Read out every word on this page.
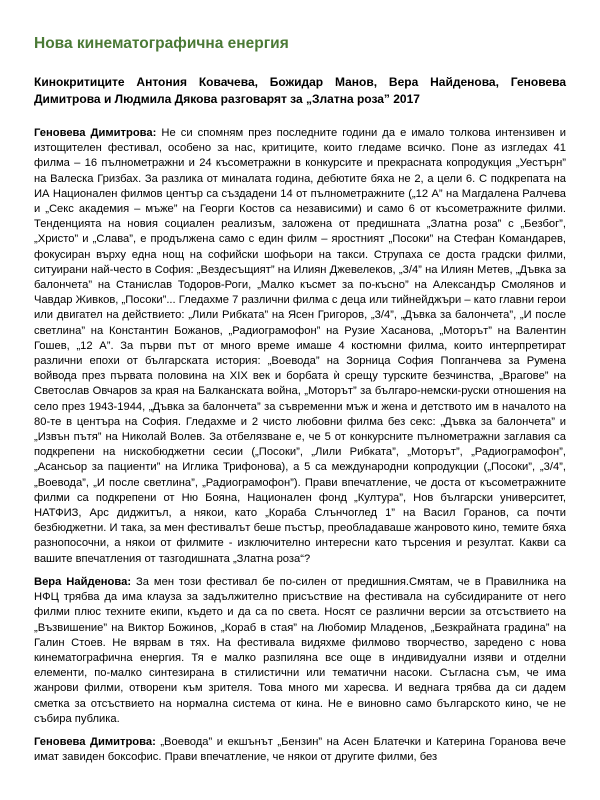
Нова кинематографична енергия

Кинокритиците Антония Ковачева, Божидар Манов, Вера Найденова, Геновева Димитрова и Людмила Дякова разговарят за „Златна роза” 2017

Геновева Димитрова: Не си спомням през последните години да е имало толкова интензивен и изтощителен фестивал, особено за нас, критиците, които гледаме всичко. Поне аз изгледах 41 филма – 16 пълнометражни и 24 късометражни в конкурсите и прекрасната копродукция „Уестърн” на Валеска Гризбах. За разлика от миналата година, дебютите бяха не 2, а цели 6. С подкрепата на ИА Национален филмов център са създадени 14 от пълнометражните („12 А” на Магдалена Ралчева и „Секс академия – мъже” на Георги Костов са независими) и само 6 от късометражните филми. Тенденцията на новия социален реализъм, заложена от предишната „Златна роза” с „Безбог”, „Христо” и „Слава”, е продължена само с един филм – яростният „Посоки” на Стефан Командарев, фокусиран върху една нощ на софийски шофьори на такси. Струпаха се доста градски филми, ситуирани най-често в София: „Вездесъщият” на Илиян Джевелеков, „3/4” на Илиян Метев, „Дъвка за балончета” на Станислав Тодоров-Роги, „Малко късмет за по-късно” на Александър Смолянов и Чавдар Живков, „Посоки”... Гледахме 7 различни филма с деца или тийнейджъри – като главни герои или двигател на действието: „Лили Рибката” на Ясен Григоров, „3/4”, „Дъвка за балончета”, „И после светлина” на Константин Божанов, „Радиограмофон” на Рузие Хасанова, „Моторът” на Валентин Гошев, „12 А”. За първи път от много време имаше 4 костюмни филма, които интерпретират различни епохи от българската история: „Воевода” на Зорница София Попганчева за Румена войвода през първата половина на XIX век и борбата ѝ срещу турските безчинства, „Врагове” на Светослав Овчаров за края на Балканската война, „Моторът” за българо-немски-руски отношения на село през 1943-1944, „Дъвка за балончета” за съвременни мъж и жена и детството им в началото на 80-те в центъра на София. Гледахме и 2 чисто любовни филма без секс: „Дъвка за балончета” и „Извън пътя” на Николай Волев. За отбелязване е, че 5 от конкурсните пълнометражни заглавия са подкрепени на нискобюджетни сесии („Посоки”, „Лили Рибката”, „Моторът”, „Радиограмофон”, „Асансьор за пациенти” на Иглика Трифонова), а 5 са международни копродукции („Посоки”, „3/4”, „Воевода”, „И после светлина”, „Радиограмофон”). Прави впечатление, че доста от късометражните филми са подкрепени от Ню Бояна, Национален фонд „Култура”, Нов български университет, НАТФИЗ, Арс диджитъл, а някои, като „Кораба Слънчоглед 1” на Васил Горанов, са почти безбюджетни. И така, за мен фестивалът беше пъстър, преобладаваше жанровото кино, темите бяха разнопосочни, а някои от филмите - изключително интересни като търсения и резултат. Какви са вашите впечатления от тазгодишната „Златна роза“?

Вера Найденова: За мен този фестивал бе по-силен от предишния.Смятам, че в Правилника на НФЦ трябва да има клауза за задължително присъствие на фестивала на субсидираните от него филми плюс техните екипи, където и да са по света. Носят се различни версии за отсъствието на „Възвишение” на Виктор Божинов, „Кораб в стая” на Любомир Младенов, „Безкрайната градина” на Галин Стоев. Не вярвам в тях. На фестивала видяхме филмово творчество, заредено с нова кинематографична енергия. Тя е малко разпиляна все още в индивидуални изяви и отделни елементи, по-малко синтезирана в стилистични или тематични насоки. Съгласна съм, че има жанрови филми, отворени към зрителя. Това много ми харесва. И веднага трябва да си дадем сметка за отсъствието на нормална система от кина. Не е виновно само българското кино, че не събира публика.

Геновева Димитрова: „Воевода” и екшънът „Бензин” на Асен Блатечки и Катерина Горанова вече имат завиден боксофис. Прави впечатление, че някои от другите филми, без
